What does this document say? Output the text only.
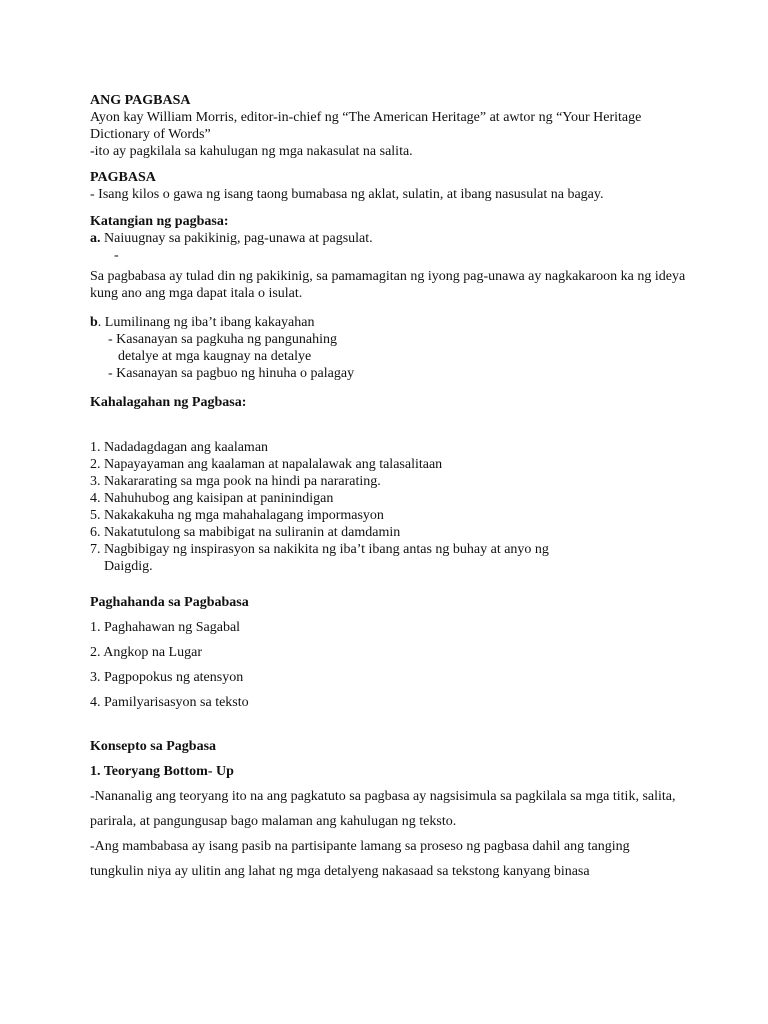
ANG PAGBASA
Ayon kay William Morris, editor-in-chief ng “The American Heritage” at awtor ng “Your Heritage
Dictionary of Words”
-ito ay pagkilala sa kahulugan ng mga nakasulat na salita.
PAGBASA
- Isang kilos o gawa ng isang taong bumabasa ng aklat, sulatin, at ibang nasusulat na bagay.
Katangian ng pagbasa:
a. Naiuugnay sa pakikinig, pag-unawa at pagsulat.
-
Sa pagbabasa ay tulad din ng pakikinig, sa pamamagitan ng iyong pag-unawa ay nagkakaroon ka ng ideya
kung ano ang mga dapat itala o isulat.
b. Lumilinang ng iba’t ibang kakayahan
- Kasanayan sa pagkuha ng pangunahing
detalye at mga kaugnay na detalye
- Kasanayan sa pagbuo ng hinuha o palagay
Kahalagahan ng Pagbasa:
1. Nadadagdagan ang kaalaman
2. Napayayaman ang kaalaman at napalalawak ang talasalitaan
3. Nakararating sa mga pook na hindi pa nararating.
4. Nahuhubog ang kaisipan at paninindigan
5. Nakakakuha ng mga mahahalagang impormasyon
6. Nakatutulong sa mabibigat na suliranin at damdamin
7. Nagbibigay ng inspirasyon sa nakikita ng iba’t ibang antas ng buhay at anyo ng
Daigdig.
Paghahanda sa Pagbabasa
1. Paghahawan ng Sagabal
2. Angkop na Lugar
3. Pagpopokus ng atensyon
4. Pamilyarisasyon sa teksto
Konsepto sa Pagbasa
1. Teoryang Bottom- Up
-Nananalig ang teoryang ito na ang pagkatuto sa pagbasa ay nagsisimula sa pagkilala sa mga titik, salita,
parirala, at pangungusap bago malaman ang kahulugan ng teksto.
-Ang mambabasa ay isang pasib na partisipante lamang sa proseso ng pagbasa dahil ang tanging
tungkulin niya ay ulitin ang lahat ng mga detalyeng nakasaad sa tekstong kanyang binasa
